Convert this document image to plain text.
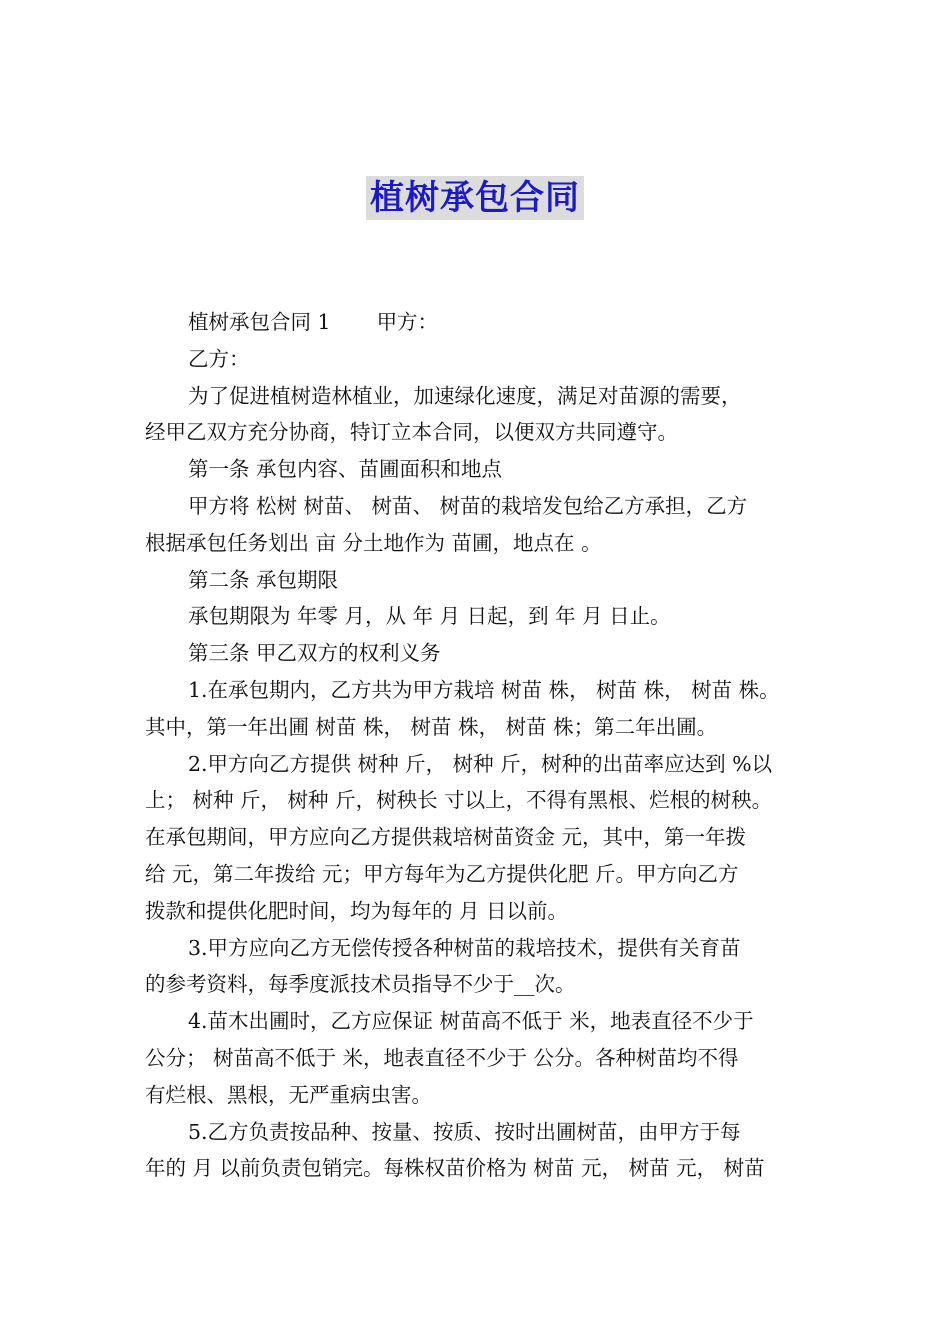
植树承包合同

植树承包合同 1 甲方：

乙方：

为了促进植树造林植业，加速绿化速度，满足对苗源的需要，
经甲乙双方充分协商，特订立本合同，以便双方共同遵守。

第一条 承包内容、苗圃面积和地点

甲方将 松树 树苗、 树苗、 树苗的栽培发包给乙方承担，乙方
根据承包任务划出 亩 分土地作为 苗圃，地点在 。

第二条 承包期限

承包期限为 年零 月，从 年 月 日起，到 年 月 日止。

第三条 甲乙双方的权利义务

1.在承包期内，乙方共为甲方栽培 树苗 株， 树苗 株， 树苗 株。
其中，第一年出圃 树苗 株， 树苗 株， 树苗 株；第二年出圃。

2.甲方向乙方提供 树种 斤， 树种 斤，树种的出苗率应达到 %以
上； 树种 斤， 树种 斤，树秧长 寸以上，不得有黑根、烂根的树秧。
在承包期间，甲方应向乙方提供栽培树苗资金 元，其中，第一年拨
给 元，第二年拨给 元；甲方每年为乙方提供化肥 斤。甲方向乙方
拨款和提供化肥时间，均为每年的 月 日以前。

3.甲方应向乙方无偿传授各种树苗的栽培技术，提供有关育苗
的参考资料，每季度派技术员指导不少于__次。

4.苗木出圃时，乙方应保证 树苗高不低于 米，地表直径不少于
公分； 树苗高不低于 米，地表直径不少于 公分。各种树苗均不得
有烂根、黑根，无严重病虫害。

5.乙方负责按品种、按量、按质、按时出圃树苗，由甲方于每
年的 月 以前负责包销完。每株权苗价格为 树苗 元， 树苗 元， 树苗
